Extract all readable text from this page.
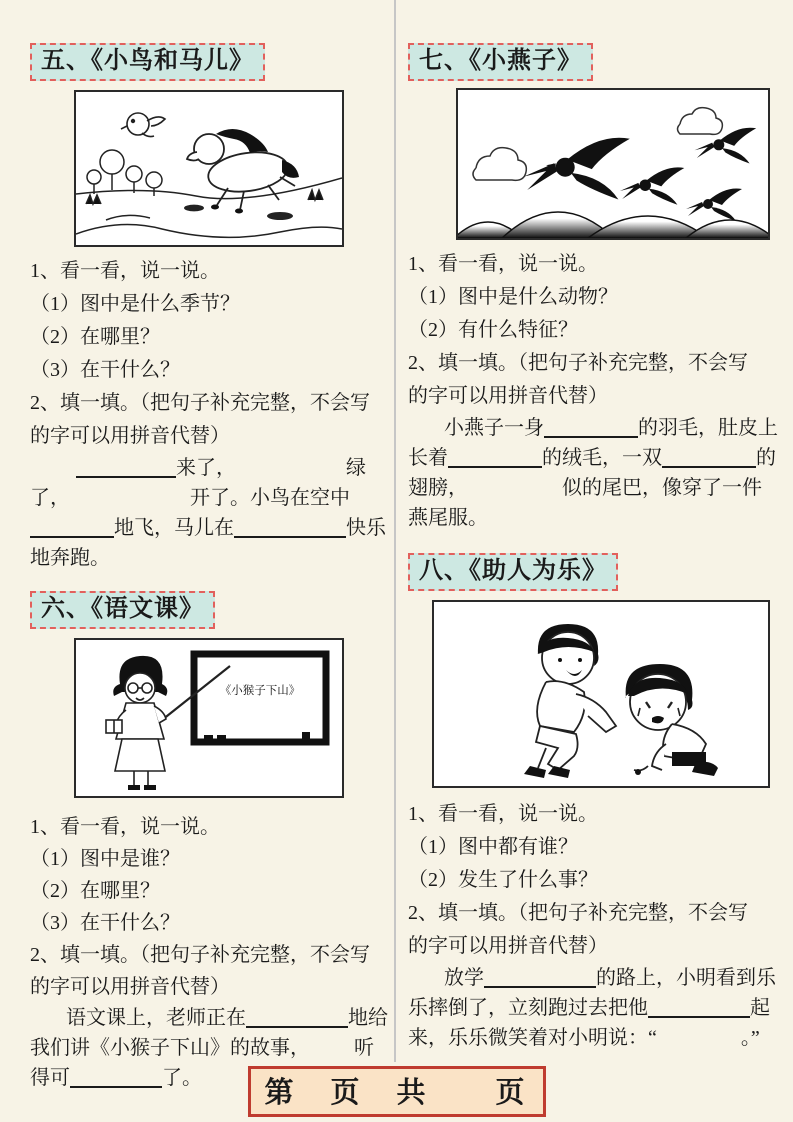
五、《小鸟和马儿》
1、看一看，说一说。
（1）图中是什么季节？
（2）在哪里？
（3）在干什么？
2、填一填。（把句子补充完整，不会写
的字可以用拼音代替）
来了，	绿
了，	开了。小鸟在空中
地飞，马儿在	快乐
地奔跑。
六、《语文课》
《小猴子下山》
1、看一看，说一说。
（1）图中是谁？
（2）在哪里？
（3）在干什么？
2、填一填。（把句子补充完整，不会写
的字可以用拼音代替）
语文课上，老师正在	地给
我们讲《小猴子下山》的故事， 听
得可	了。
七、《小燕子》
1、看一看，说一说。
（1）图中是什么动物？
（2）有什么特征？
2、填一填。（把句子补充完整，不会写
的字可以用拼音代替）
小燕子一身	的羽毛，肚皮上
长着	的绒毛，一双	的
翅膀，	似的尾巴，像穿了一件
燕尾服。
八、《助人为乐》
1、看一看，说一说。
（1）图中都有谁？
（2）发生了什么事？
2、填一填。（把句子补充完整，不会写
的字可以用拼音代替）
放学	的路上，小明看到乐
乐摔倒了，立刻跑过去把他	起
来，乐乐微笑着对小明说：“	。”
第　页　共　　页
